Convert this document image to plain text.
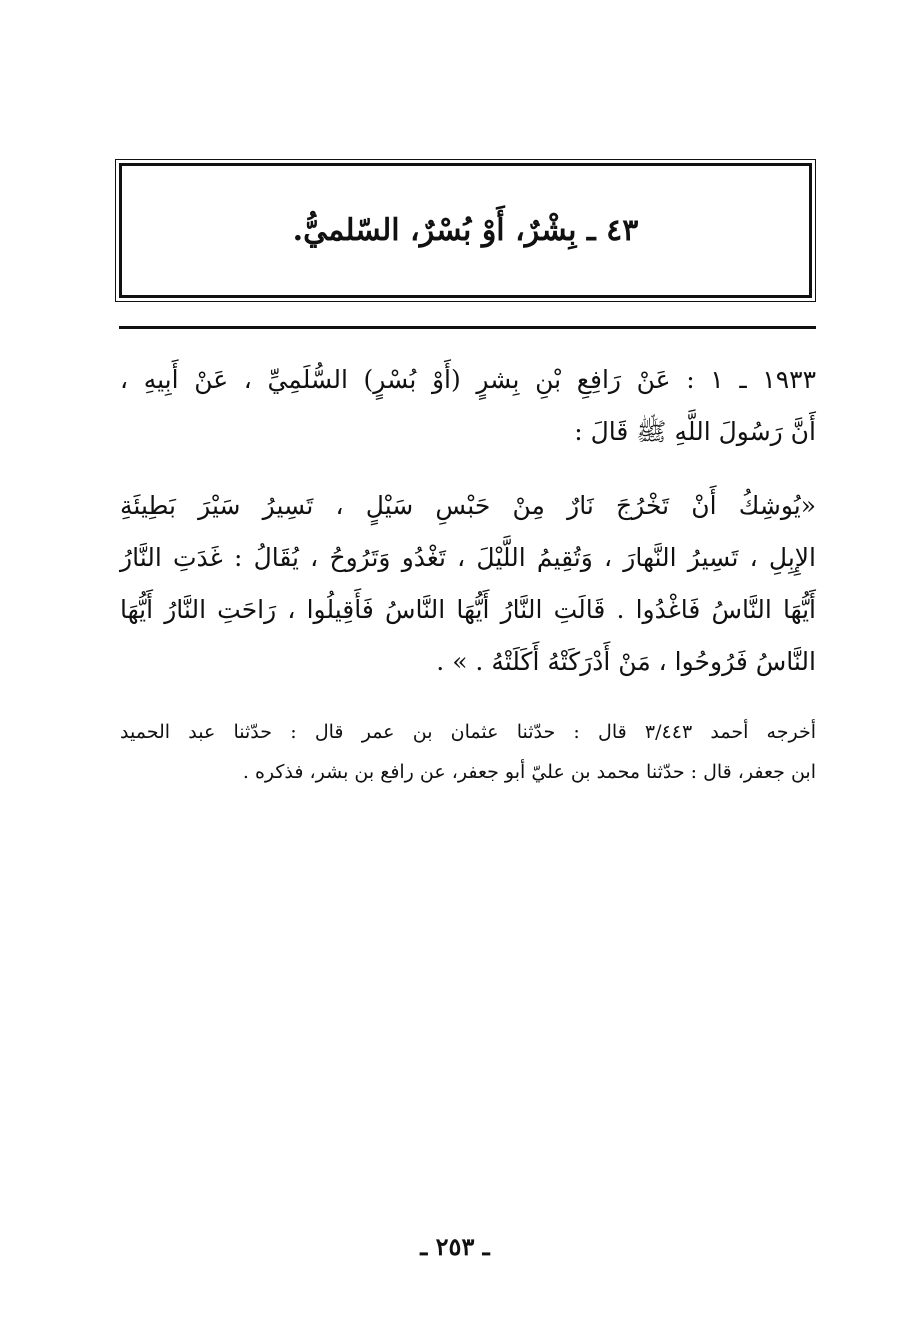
٤٣ ـ بِشْرٌ، أَوْ بُسْرٌ، السّلميُّ.
١٩٣٣ ـ ١ : عَنْ رَافِعِ بْنِ بِشرٍ (أَوْ بُسْرٍ) السُّلَمِيِّ ، عَنْ أَبِيهِ ،
أَنَّ رَسُولَ اللَّهِ ﷺ قَالَ :
«يُوشِكُ أَنْ تَخْرُجَ نَارٌ مِنْ حَبْسِ سَيْلٍ ، تَسِيرُ سَيْرَ بَطِيئَةِ
الإِبِلِ ، تَسِيرُ النَّهارَ ، وَتُقِيمُ اللَّيْلَ ، تَغْدُو وَتَرُوحُ ، يُقَالُ : غَدَتِ النَّارُ
أَيُّهَا النَّاسُ فَاغْدُوا . قَالَتِ النَّارُ أَيُّهَا النَّاسُ فَأَقِيلُوا ، رَاحَتِ النَّارُ أَيُّهَا
النَّاسُ فَرُوحُوا ، مَنْ أَدْرَكَتْهُ أَكَلَتْهُ . » .
أخرجه أحمد ٣/٤٤٣ قال : حدّثنا عثمان بن عمر قال : حدّثنا عبد الحميد
ابن جعفر، قال : حدّثنا محمد بن عليّ أبو جعفر، عن رافع بن بشر، فذكره .
ـ ٢٥٣ ـ
